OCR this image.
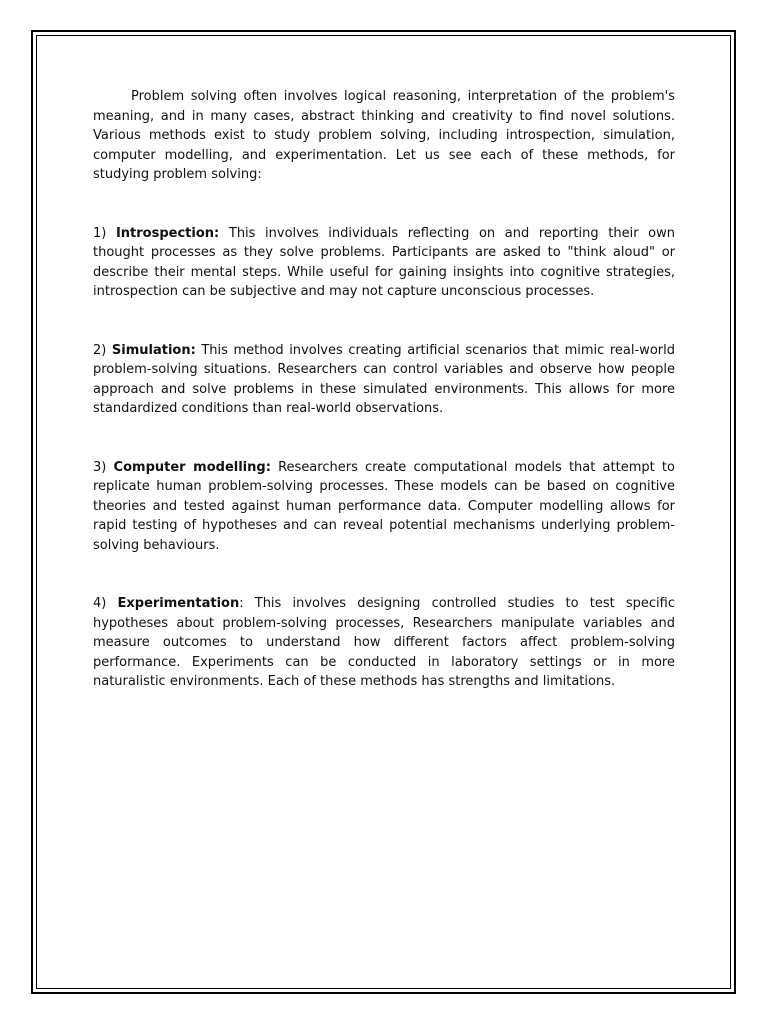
Problem solving often involves logical reasoning, interpretation of the problem's meaning, and in many cases, abstract thinking and creativity to find novel solutions. Various methods exist to study problem solving, including introspection, simulation, computer modelling, and experimentation. Let us see each of these methods, for studying problem solving:

1) Introspection: This involves individuals reflecting on and reporting their own thought processes as they solve problems. Participants are asked to "think aloud" or describe their mental steps. While useful for gaining insights into cognitive strategies, introspection can be subjective and may not capture unconscious processes.

2) Simulation: This method involves creating artificial scenarios that mimic real-world problem-solving situations. Researchers can control variables and observe how people approach and solve problems in these simulated environments. This allows for more standardized conditions than real-world observations.

3) Computer modelling: Researchers create computational models that attempt to replicate human problem-solving processes. These models can be based on cognitive theories and tested against human performance data. Computer modelling allows for rapid testing of hypotheses and can reveal potential mechanisms underlying problem- solving behaviours.

4) Experimentation: This involves designing controlled studies to test specific hypotheses about problem-solving processes, Researchers manipulate variables and measure outcomes to understand how different factors affect problem-solving performance. Experiments can be conducted in laboratory settings or in more naturalistic environments. Each of these methods has strengths and limitations.
